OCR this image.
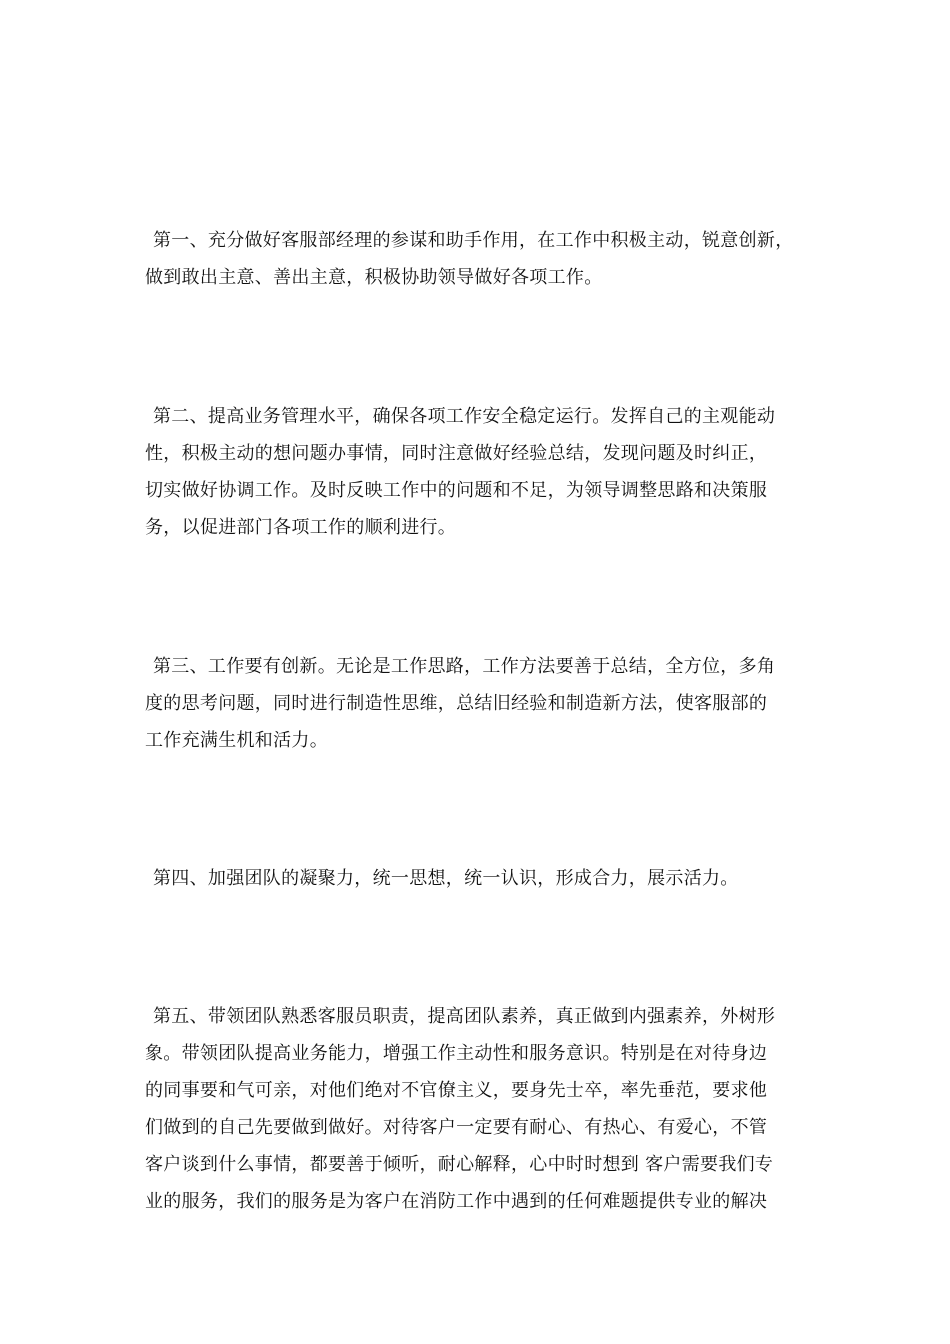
第一、充分做好客服部经理的参谋和助手作用，在工作中积极主动，锐意创新，
做到敢出主意、善出主意，积极协助领导做好各项工作。

第二、提高业务管理水平，确保各项工作安全稳定运行。发挥自己的主观能动
性，积极主动的想问题办事情，同时注意做好经验总结，发现问题及时纠正，
切实做好协调工作。及时反映工作中的问题和不足，为领导调整思路和决策服
务，以促进部门各项工作的顺利进行。

第三、工作要有创新。无论是工作思路，工作方法要善于总结，全方位，多角
度的思考问题，同时进行制造性思维，总结旧经验和制造新方法，使客服部的
工作充满生机和活力。

第四、加强团队的凝聚力，统一思想，统一认识，形成合力，展示活力。

第五、带领团队熟悉客服员职责，提高团队素养，真正做到内强素养，外树形
象。带领团队提高业务能力，增强工作主动性和服务意识。特别是在对待身边
的同事要和气可亲，对他们绝对不官僚主义，要身先士卒，率先垂范，要求他
们做到的自己先要做到做好。对待客户一定要有耐心、有热心、有爱心，不管
客户谈到什么事情，都要善于倾听，耐心解释，心中时时想到 客户需要我们专
业的服务，我们的服务是为客户在消防工作中遇到的任何难题提供专业的解决
